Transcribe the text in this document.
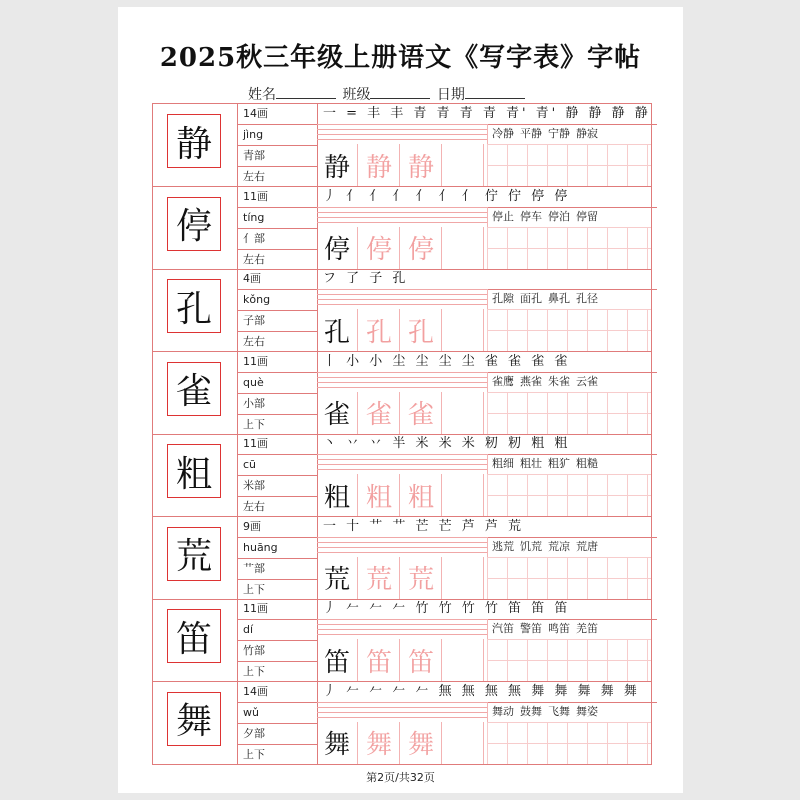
2025秋三年级上册语文《写字表》字帖
姓名	班级	日期
静
14画
jìng
青部
左右
一 = 丰 丰 青 青 青 青 青' 青' 静 静 静 静
静 静 静
冷静 平静 宁静 静寂
停
11画
tíng
亻部
左右
丿 亻 亻 亻 亻 亻 亻 佇 佇 停 停
停 停 停
停止 停车 停泊 停留
孔
4画
kǒng
子部
左右
フ 了 子 孔
孔 孔 孔
孔隙 面孔 鼻孔 孔径
雀
11画
què
小部
上下
丨 小 小 尘 尘 尘 尘 雀 雀 雀 雀
雀 雀 雀
雀鹰 燕雀 朱雀 云雀
粗
11画
cū
米部
左右
丶 丷 丷 半 米 米 米 籾 籾 粗 粗
粗 粗 粗
粗细 粗壮 粗犷 粗糙
荒
9画
huāng
艹部
上下
一 十 艹 艹 芒 芒 芦 芦 荒
荒 荒 荒
逃荒 饥荒 荒凉 荒唐
笛
11画
dí
竹部
上下
丿 𠂉 𠂉 𠂉 竹 竹 竹 竹 笛 笛 笛
笛 笛 笛
汽笛 警笛 鸣笛 羌笛
舞
14画
wǔ
夕部
上下
丿 𠂉 𠂉 𠂉 𠂉 無 無 無 無 舞 舞 舞 舞 舞
舞 舞 舞
舞动 鼓舞 飞舞 舞姿
第2页/共32页
